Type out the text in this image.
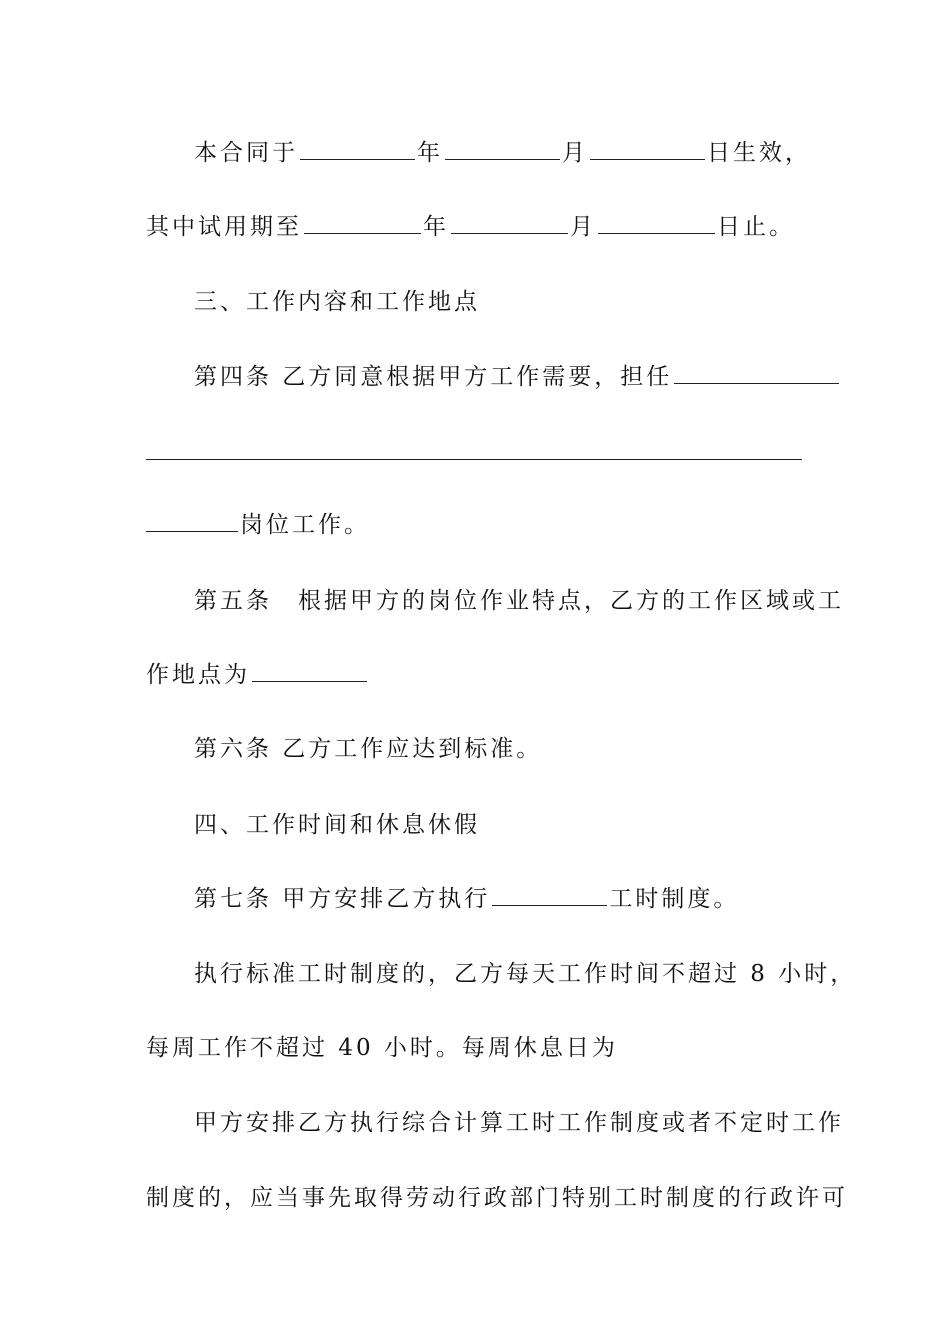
本合同于	年	月	日生效，
其中试用期至	年	月	日止。
三、工作内容和工作地点
第四条 乙方同意根据甲方工作需要，担任
岗位工作。
第五条　根据甲方的岗位作业特点，乙方的工作区域或工
作地点为
第六条 乙方工作应达到标准。
四、工作时间和休息休假
第七条 甲方安排乙方执行	工时制度。
执行标准工时制度的，乙方每天工作时间不超过 8 小时，
每周工作不超过 40 小时。每周休息日为
甲方安排乙方执行综合计算工时工作制度或者不定时工作
制度的，应当事先取得劳动行政部门特别工时制度的行政许可
